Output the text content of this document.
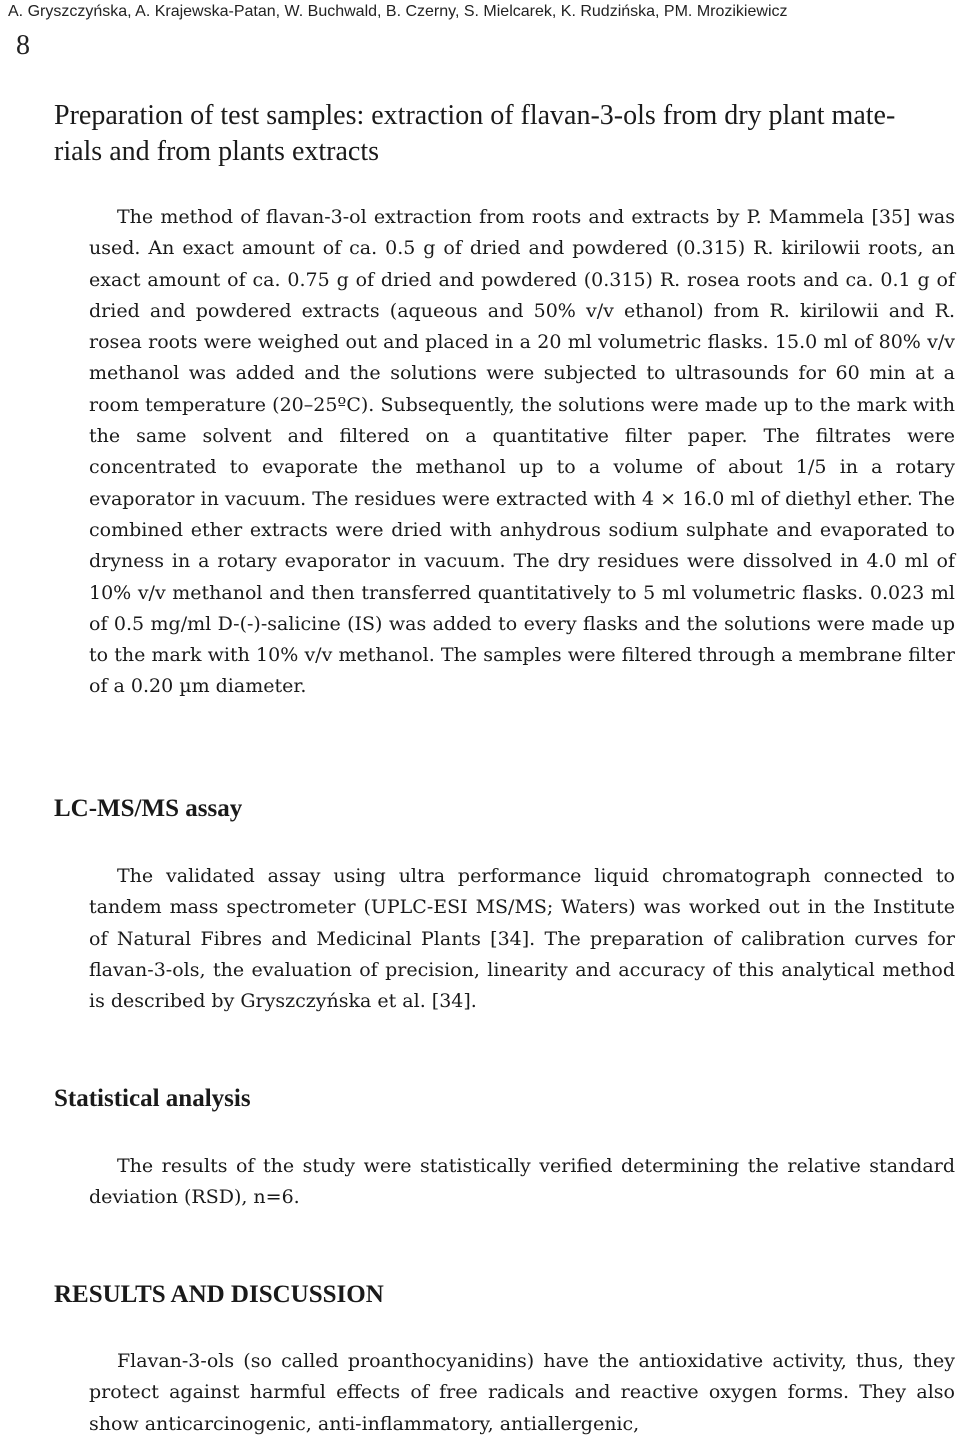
A. Gryszczyńska, A. Krajewska-Patan, W. Buchwald, B. Czerny, S. Mielcarek, K. Rudzińska, PM. Mrozikiewicz
8
Preparation of test samples: extraction of flavan-3-ols from dry plant materials and from plants extracts

The method of flavan-3-ol extraction from roots and extracts by P. Mammela [35] was used. An exact amount of ca. 0.5 g of dried and powdered (0.315) R. kirilowii roots, an exact amount of ca. 0.75 g of dried and powdered (0.315) R. rosea roots and ca. 0.1 g of dried and powdered extracts (aqueous and 50% v/v ethanol) from R. kirilowii and R. rosea roots were weighed out and placed in a 20 ml volumetric flasks. 15.0 ml of 80% v/v methanol was added and the solutions were subjected to ultrasounds for 60 min at a room temperature (20–25ºC). Subsequently, the solutions were made up to the mark with the same solvent and filtered on a quantitative filter paper. The filtrates were concentrated to evaporate the methanol up to a volume of about 1/5 in a rotary evaporator in vacuum. The residues were extracted with 4 × 16.0 ml of diethyl ether. The combined ether extracts were dried with anhydrous sodium sulphate and evaporated to dryness in a rotary evaporator in vacuum. The dry residues were dissolved in 4.0 ml of 10% v/v methanol and then transferred quantitatively to 5 ml volumetric flasks. 0.023 ml of 0.5 mg/ml D-(-)-salicine (IS) was added to every flasks and the solutions were made up to the mark with 10% v/v methanol. The samples were filtered through a membrane filter of a 0.20 µm diameter.

LC-MS/MS assay

The validated assay using ultra performance liquid chromatograph connected to tandem mass spectrometer (UPLC-ESI MS/MS; Waters) was worked out in the Institute of Natural Fibres and Medicinal Plants [34]. The preparation of calibration curves for flavan-3-ols, the evaluation of precision, linearity and accuracy of this analytical method is described by Gryszczyńska et al. [34].

Statistical analysis

The results of the study were statistically verified determining the relative standard deviation (RSD), n=6.

RESULTS AND DISCUSSION

Flavan-3-ols (so called proanthocyanidins) have the antioxidative activity, thus, they protect against harmful effects of free radicals and reactive oxygen forms. They also show anticarcinogenic, anti-inflammatory, antiallergenic,
